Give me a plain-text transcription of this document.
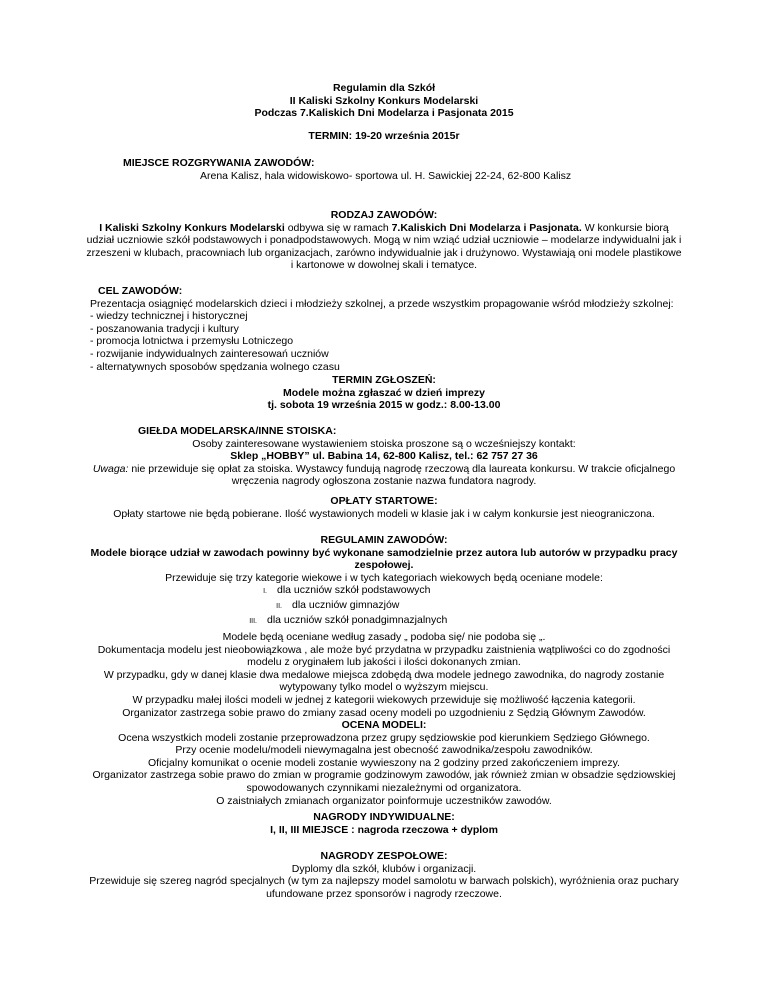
Regulamin dla Szkół

II Kaliski Szkolny Konkurs Modelarski

Podczas 7.Kaliskich Dni Modelarza i Pasjonata 2015

TERMIN: 19-20 września 2015r

MIEJSCE ROZGRYWANIA ZAWODÓW:

Arena Kalisz, hala widowiskowo- sportowa ul. H. Sawickiej 22-24, 62-800 Kalisz

RODZAJ ZAWODÓW:

I Kaliski Szkolny Konkurs Modelarski odbywa się w ramach 7.Kaliskich Dni Modelarza i Pasjonata. W konkursie biorą

udział uczniowie szkół podstawowych i ponadpodstawowych. Mogą w nim wziąć udział uczniowie – modelarze indywidualni jak i

zrzeszeni w klubach, pracowniach lub organizacjach, zarówno indywidualnie jak i drużynowo. Wystawiają oni modele plastikowe

i kartonowe w dowolnej skali i tematyce.

CEL ZAWODÓW:

Prezentacja osiągnięć modelarskich dzieci i młodzieży szkolnej, a przede wszystkim propagowanie wśród młodzieży szkolnej:

- wiedzy technicznej i historycznej

- poszanowania tradycji i kultury

- promocja lotnictwa i przemysłu Lotniczego

- rozwijanie indywidualnych zainteresowań uczniów

- alternatywnych sposobów spędzania wolnego czasu

TERMIN ZGŁOSZEŃ:

Modele można zgłaszać w dzień imprezy

tj. sobota 19 września 2015 w godz.: 8.00-13.00

GIEŁDA MODELARSKA/INNE STOISKA:

Osoby zainteresowane wystawieniem stoiska proszone są o wcześniejszy kontakt:

Sklep „HOBBY” ul. Babina 14, 62-800 Kalisz, tel.: 62 757 27 36

Uwaga: nie przewiduje się opłat za stoiska. Wystawcy fundują nagrodę rzeczową dla laureata konkursu. W trakcie oficjalnego

wręczenia nagrody ogłoszona zostanie nazwa fundatora nagrody.

OPŁATY STARTOWE:

Opłaty startowe nie będą pobierane. Ilość wystawionych modeli w klasie jak i w całym konkursie jest nieograniczona.

REGULAMIN ZAWODÓW:

Modele biorące udział w zawodach powinny być wykonane samodzielnie przez autora lub autorów w przypadku pracy

zespołowej.

Przewiduje się trzy kategorie wiekowe i w tych kategoriach wiekowych będą oceniane modele:

I. dla uczniów szkół podstawowych

II. dla uczniów gimnazjów

III. dla uczniów szkół ponadgimnazjalnych

Modele będą oceniane według zasady „ podoba się/ nie podoba się „.

Dokumentacja modelu jest nieobowiązkowa , ale może być przydatna w przypadku zaistnienia wątpliwości co do zgodności

modelu z oryginałem lub jakości i ilości dokonanych zmian.

W przypadku, gdy w danej klasie dwa medalowe miejsca zdobędą dwa modele jednego zawodnika, do nagrody zostanie

wytypowany tylko model o wyższym miejscu.

W przypadku małej ilości modeli w jednej z kategorii wiekowych przewiduje się możliwość łączenia kategorii.

Organizator zastrzega sobie prawo do zmiany zasad oceny modeli po uzgodnieniu z Sędzią Głównym Zawodów.

OCENA MODELI:

Ocena wszystkich modeli zostanie przeprowadzona przez grupy sędziowskie pod kierunkiem Sędziego Głównego.

Przy ocenie modelu/modeli niewymagalna jest obecność zawodnika/zespołu zawodników.

Oficjalny komunikat o ocenie modeli zostanie wywieszony na 2 godziny przed zakończeniem imprezy.

Organizator zastrzega sobie prawo do zmian w programie godzinowym zawodów, jak również zmian w obsadzie sędziowskiej

spowodowanych czynnikami niezależnymi od organizatora.

O zaistniałych zmianach organizator poinformuje uczestników zawodów.

NAGRODY INDYWIDUALNE:

I, II, III MIEJSCE : nagroda rzeczowa + dyplom

NAGRODY ZESPOŁOWE:

Dyplomy dla szkół, klubów i organizacji.

Przewiduje się szereg nagród specjalnych (w tym za najlepszy model samolotu w barwach polskich), wyróżnienia oraz puchary

ufundowane przez sponsorów i nagrody rzeczowe.
